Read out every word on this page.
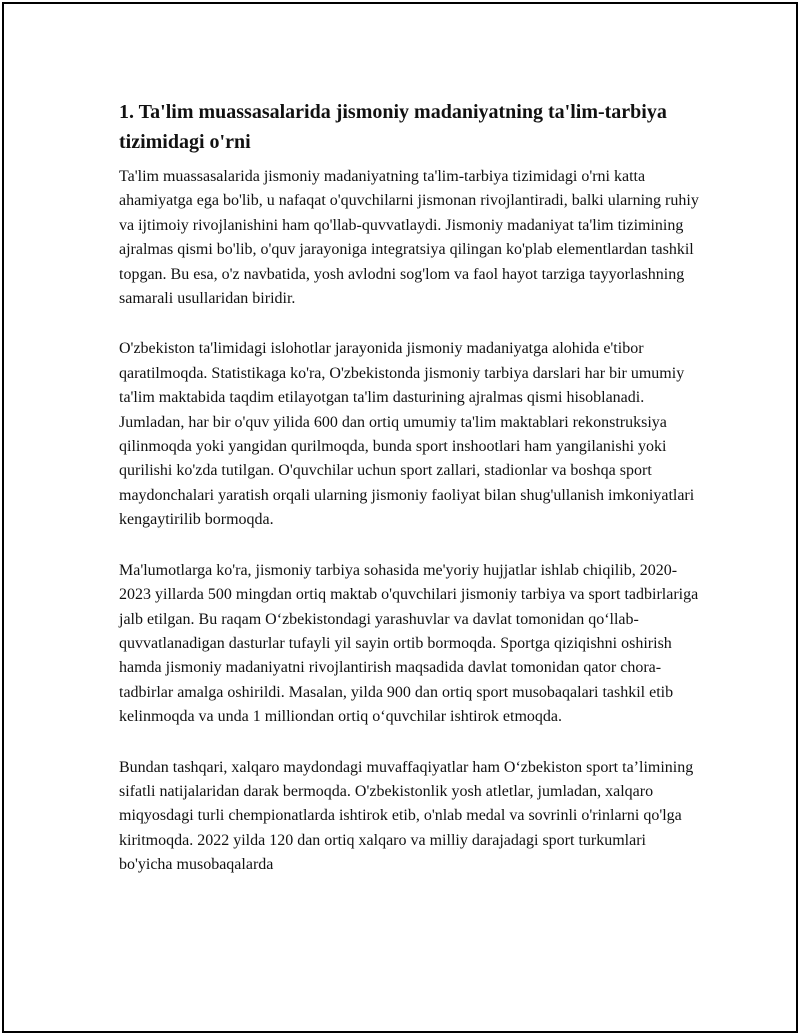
1. Ta'lim muassasalarida jismoniy madaniyatning ta'lim-tarbiya tizimidagi o'rni

Ta'lim muassasalarida jismoniy madaniyatning ta'lim-tarbiya tizimidagi o'rni katta ahamiyatga ega bo'lib, u nafaqat o'quvchilarni jismonan rivojlantiradi, balki ularning ruhiy va ijtimoiy rivojlanishini ham qo'llab-quvvatlaydi. Jismoniy madaniyat ta'lim tizimining ajralmas qismi bo'lib, o'quv jarayoniga integratsiya qilingan ko'plab elementlardan tashkil topgan. Bu esa, o'z navbatida, yosh avlodni sog'lom va faol hayot tarziga tayyorlashning samarali usullaridan biridir.

O'zbekiston ta'limidagi islohotlar jarayonida jismoniy madaniyatga alohida e'tibor qaratilmoqda. Statistikaga ko'ra, O'zbekistonda jismoniy tarbiya darslari har bir umumiy ta'lim maktabida taqdim etilayotgan ta'lim dasturining ajralmas qismi hisoblanadi. Jumladan, har bir o'quv yilida 600 dan ortiq umumiy ta'lim maktablari rekonstruksiya qilinmoqda yoki yangidan qurilmoqda, bunda sport inshootlari ham yangilanishi yoki qurilishi ko'zda tutilgan. O'quvchilar uchun sport zallari, stadionlar va boshqa sport maydonchalari yaratish orqali ularning jismoniy faoliyat bilan shug'ullanish imkoniyatlari kengaytirilib bormoqda.

Ma'lumotlarga ko'ra, jismoniy tarbiya sohasida me'yoriy hujjatlar ishlab chiqilib, 2020-2023 yillarda 500 mingdan ortiq maktab o'quvchilari jismoniy tarbiya va sport tadbirlariga jalb etilgan. Bu raqam O‘zbekistondagi yarashuvlar va davlat tomonidan qo‘llab-quvvatlanadigan dasturlar tufayli yil sayin ortib bormoqda. Sportga qiziqishni oshirish hamda jismoniy madaniyatni rivojlantirish maqsadida davlat tomonidan qator chora-tadbirlar amalga oshirildi. Masalan, yilda 900 dan ortiq sport musobaqalari tashkil etib kelinmoqda va unda 1 milliondan ortiq o‘quvchilar ishtirok etmoqda.

Bundan tashqari, xalqaro maydondagi muvaffaqiyatlar ham O‘zbekiston sport ta’limining sifatli natijalaridan darak bermoqda. O'zbekistonlik yosh atletlar, jumladan, xalqaro miqyosdagi turli chempionatlarda ishtirok etib, o'nlab medal va sovrinli o'rinlarni qo'lga kiritmoqda. 2022 yilda 120 dan ortiq xalqaro va milliy darajadagi sport turkumlari bo'yicha musobaqalarda
